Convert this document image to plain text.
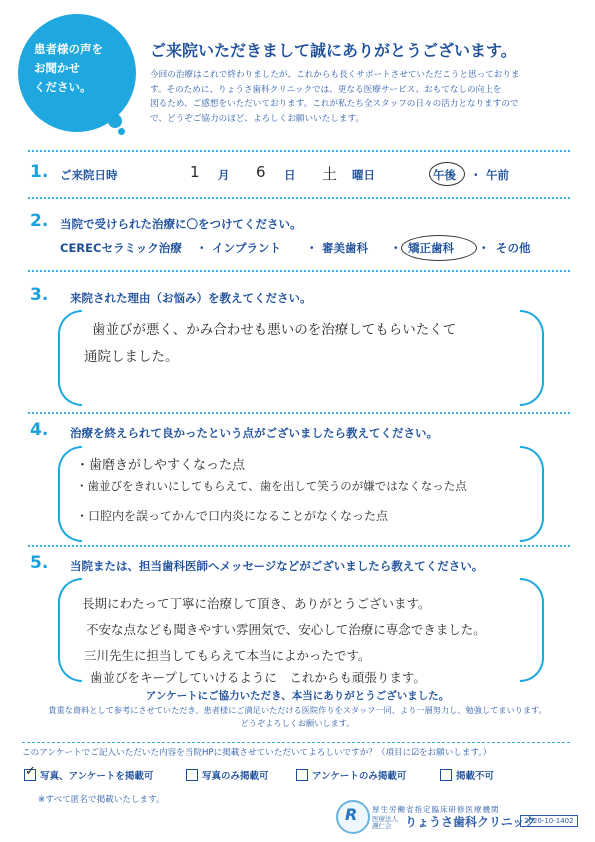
患者様の声を
お聞かせ
ください。
ご来院いただきまして誠にありがとうございます。
今回の治療はこれで終わりましたが、これからも長くサポートさせていただこうと思っておりま
す。そのために、りょうさ歯科クリニックでは、更なる医療サービス、おもてなしの向上を
図るため、ご感想をいただいております。これが私たち全スタッフの日々の活力となりますので
で、どうぞご協力のほど、よろしくお願いいたします。
1. ご来院日時	1 月 6 日 土 曜日	午後 ・ 午前
2. 当院で受けられた治療に〇をつけてください。
CERECセラミック治療 ・ インプラント ・ 審美歯科 ・ 矯正歯科 ・ その他
3. 来院された理由（お悩み）を教えてください。
歯並びが悪く、かみ合わせも悪いのを治療してもらいたくて
通院しました。
4. 治療を終えられて良かったという点がございましたら教えてください。
・歯磨きがしやすくなった点
・歯並びをきれいにしてもらえて、歯を出して笑うのが嫌ではなくなった点
・口腔内を誤ってかんで口内炎になることがなくなった点
5. 当院または、担当歯科医師へメッセージなどがございましたら教えてください。
長期にわたって丁寧に治療して頂き、ありがとうございます。
不安な点なども聞きやすい雰囲気で、安心して治療に専念できました。
三川先生に担当してもらえて本当によかったです。
歯並びをキープしていけるように　これからも頑張ります。
アンケートにご協力いただき、本当にありがとうございました。
貴重な資料として参考にさせていただき、患者様にご満足いただける医院作りをスタッフ一同、より一層努力し、勉強してまいります。
どうぞよろしくお願いします。
このアンケートでご記入いただいた内容を当院HPに掲載させていただいてよろしいですか？（項目に☑をお願いします。）
✓ 写真、アンケートを掲載可	写真のみ掲載可	アンケートのみ掲載可	掲載不可
※すべて匿名で掲載いたします。
R 厚生労働省指定臨床研修医療機関
医療法人
護仁会	りょうさ歯科クリニック
2020-10-1402
